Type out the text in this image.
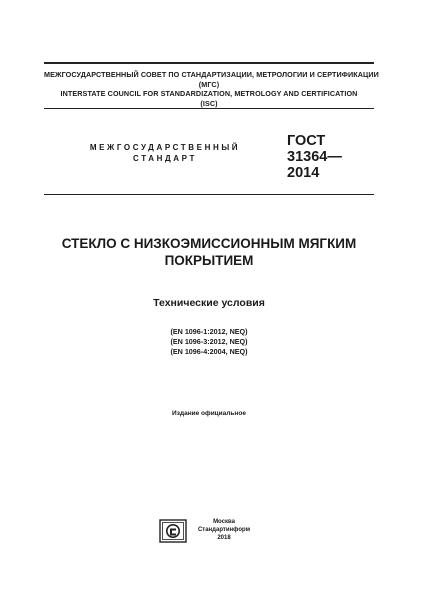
МЕЖГОСУДАРСТВЕННЫЙ СОВЕТ ПО СТАНДАРТИЗАЦИИ, МЕТРОЛОГИИ И СЕРТИФИКАЦИИ
(МГС)
INTERSTATE COUNCIL FOR STANDARDIZATION, METROLOGY AND CERTIFICATION
(ISC)
МЕЖГОСУДАРСТВЕННЫЙ
СТАНДАРТ
ГОСТ
31364—
2014
СТЕКЛО С НИЗКОЭМИССИОННЫМ МЯГКИМ
ПОКРЫТИЕМ
Технические условия
(EN 1096-1:2012, NEQ)
(EN 1096-3:2012, NEQ)
(EN 1096-4:2004, NEQ)
Издание официальное
Москва
Стандартинформ
2018
